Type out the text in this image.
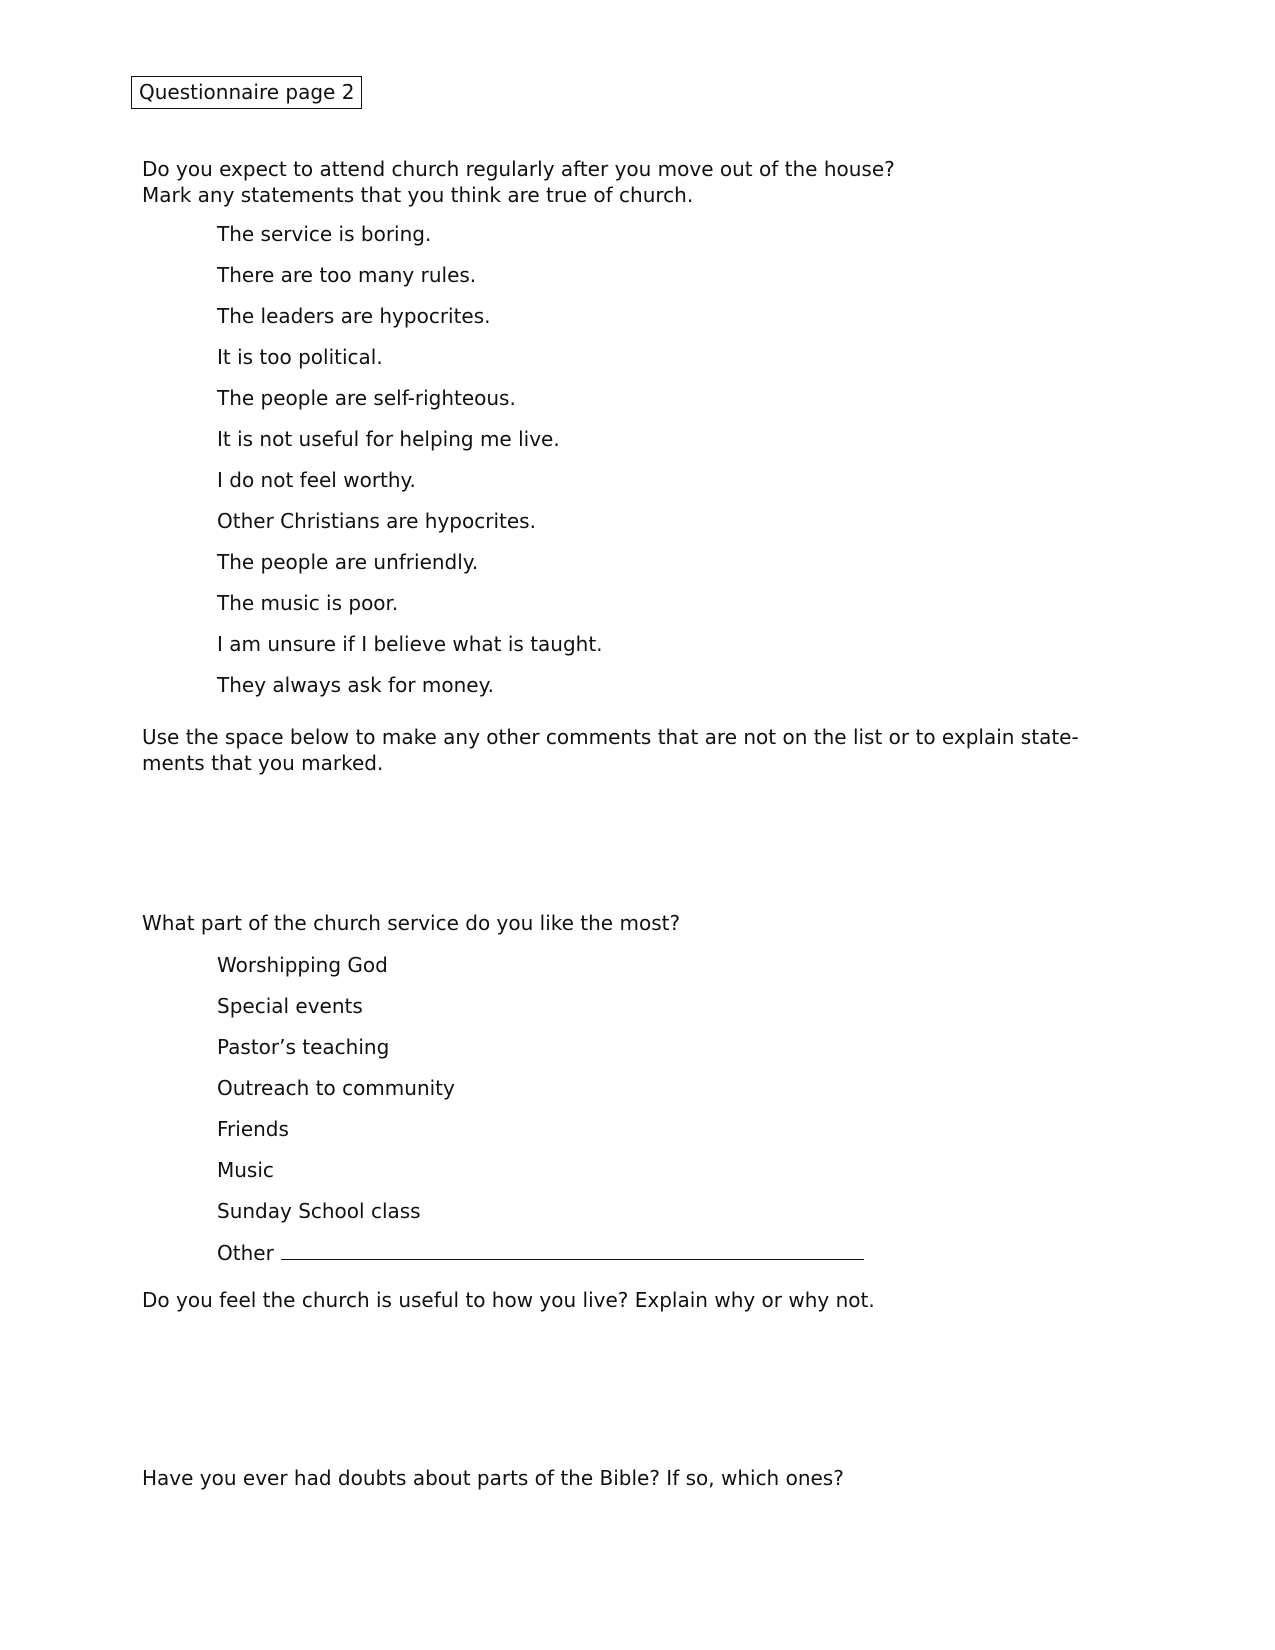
Questionnaire page 2
Do you expect to attend church regularly after you move out of the house?
Mark any statements that you think are true of church.
The service is boring.
There are too many rules.
The leaders are hypocrites.
It is too political.
The people are self-righteous.
It is not useful for helping me live.
I do not feel worthy.
Other Christians are hypocrites.
The people are unfriendly.
The music is poor.
I am unsure if I believe what is taught.
They always ask for money.
Use the space below to make any other comments that are not on the list or to explain state-
ments that you marked.
What part of the church service do you like the most?
Worshipping God
Special events
Pastor’s teaching
Outreach to community
Friends
Music
Sunday School class
Other
Do you feel the church is useful to how you live? Explain why or why not.
Have you ever had doubts about parts of the Bible? If so, which ones?
